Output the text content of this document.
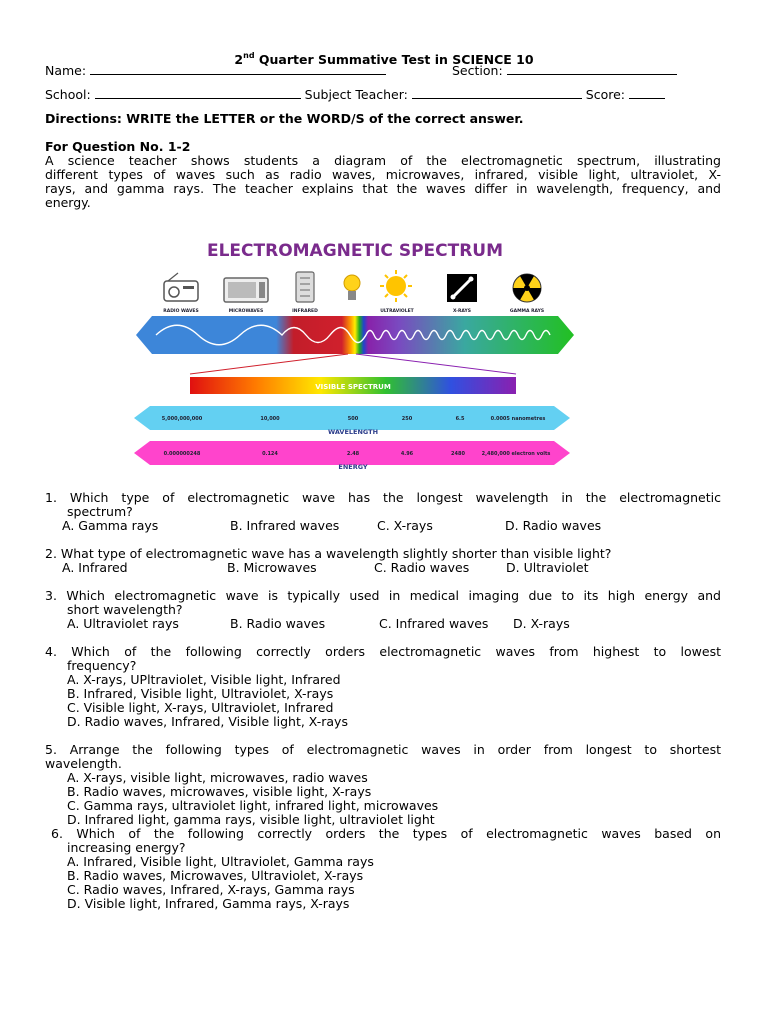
2nd Quarter Summative Test in SCIENCE 10
Name:	Section:
School:	Subject Teacher:	Score:
Directions: WRITE the LETTER or the WORD/S of the correct answer.
For Question No. 1-2
A science teacher shows students a diagram of the electromagnetic spectrum, illustrating
different types of waves such as radio waves, microwaves, infrared, visible light, ultraviolet, X-
rays, and gamma rays. The teacher explains that the waves differ in wavelength, frequency, and
energy.
ELECTROMAGNETIC SPECTRUM
RADIO WAVES	MICROWAVES	INFRARED	ULTRAVIOLET	X-RAYS	GAMMA RAYS
VISIBLE SPECTRUM
5,000,000,000	10,000	500	250	6.5	0.0005 nanometres
WAVELENGTH
0.000000248	0.124	2.48	4.96	2480	2,480,000 electron volts
ENERGY
1. Which type of electromagnetic wave has the longest wavelength in the electromagnetic
spectrum?
A. Gamma rays	B. Infrared waves	C. X-rays	D. Radio waves
2. What type of electromagnetic wave has a wavelength slightly shorter than visible light?
A. Infrared	B. Microwaves	C. Radio waves	D. Ultraviolet
3. Which electromagnetic wave is typically used in medical imaging due to its high energy and
short wavelength?
A. Ultraviolet rays	B. Radio waves	C. Infrared waves D. X-rays
4. Which of the following correctly orders electromagnetic waves from highest to lowest
frequency?
A. X-rays, UPltraviolet, Visible light, Infrared
B. Infrared, Visible light, Ultraviolet, X-rays
C. Visible light, X-rays, Ultraviolet, Infrared
D. Radio waves, Infrared, Visible light, X-rays
5. Arrange the following types of electromagnetic waves in order from longest to shortest
wavelength.
A. X-rays, visible light, microwaves, radio waves
B. Radio waves, microwaves, visible light, X-rays
C. Gamma rays, ultraviolet light, infrared light, microwaves
D. Infrared light, gamma rays, visible light, ultraviolet light
6. Which of the following correctly orders the types of electromagnetic waves based on
increasing energy?
A. Infrared, Visible light, Ultraviolet, Gamma rays
B. Radio waves, Microwaves, Ultraviolet, X-rays
C. Radio waves, Infrared, X-rays, Gamma rays
D. Visible light, Infrared, Gamma rays, X-rays
